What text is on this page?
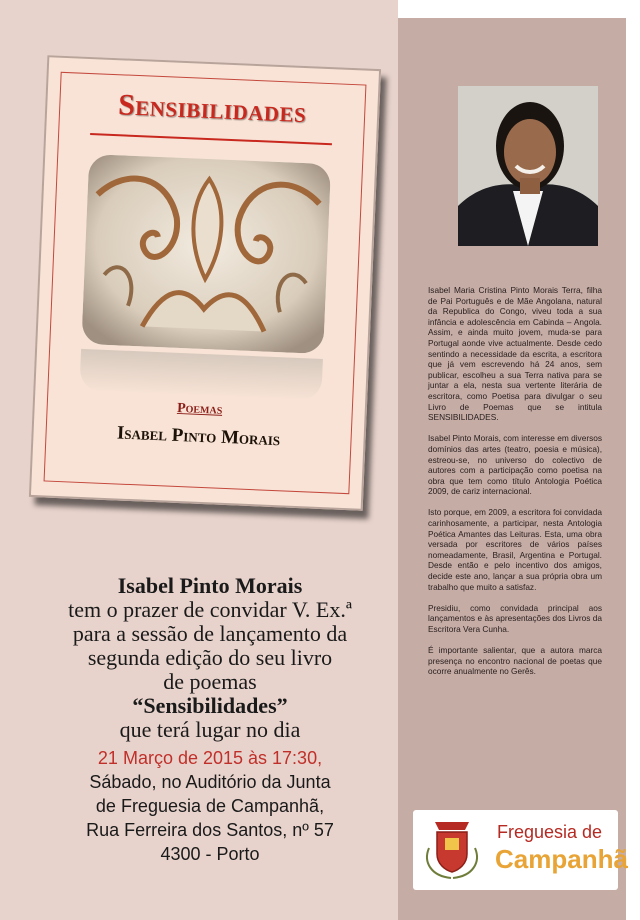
Sensibilidades
Poemas
Isabel Pinto Morais
Isabel Pinto Morais
tem o prazer de convidar V. Ex.ª
para a sessão de lançamento da
segunda edição do seu livro
de poemas
“Sensibilidades”
que terá lugar no dia
21 Março de 2015 às 17:30,
Sábado, no Auditório da Junta
de Freguesia de Campanhã,
Rua Ferreira dos Santos, nº 57
4300 - Porto

Isabel Maria Cristina Pinto Morais Terra, filha de Pai Português e de Mãe Angolana, natural da Republica do Congo, viveu toda a sua infância e adolescência em Cabinda – Angola. Assim, e ainda muito jovem, muda-se para Portugal aonde vive actualmente. Desde cedo sentindo a necessidade da escrita, a escritora que já vem escrevendo há 24 anos, sem publicar, escolheu a sua Terra nativa para se juntar a ela, nesta sua vertente literária de escritora, como Poetisa para divulgar o seu Livro de Poemas que se intitula SENSIBILIDADES.

Isabel Pinto Morais, com interesse em diversos domínios das artes (teatro, poesia e música), estreou-se, no universo do colectivo de autores com a participação como poetisa na obra que tem como título Antologia Poética 2009, de cariz internacional.

Isto porque, em 2009, a escritora foi convidada carinhosamente, a participar, nesta Antologia Poética Amantes das Leituras. Esta, uma obra versada por escritores de vários países nomeadamente, Brasil, Argentina e Portugal. Desde então e pelo incentivo dos amigos, decide este ano, lançar a sua própria obra um trabalho que muito a satisfaz.

Presidiu, como convidada principal aos lançamentos e às apresentações dos Livros da Escritora Vera Cunha.

É importante salientar, que a autora marca presença no encontro nacional de poetas que ocorre anualmente no Gerês.

Freguesia de
Campanhã
